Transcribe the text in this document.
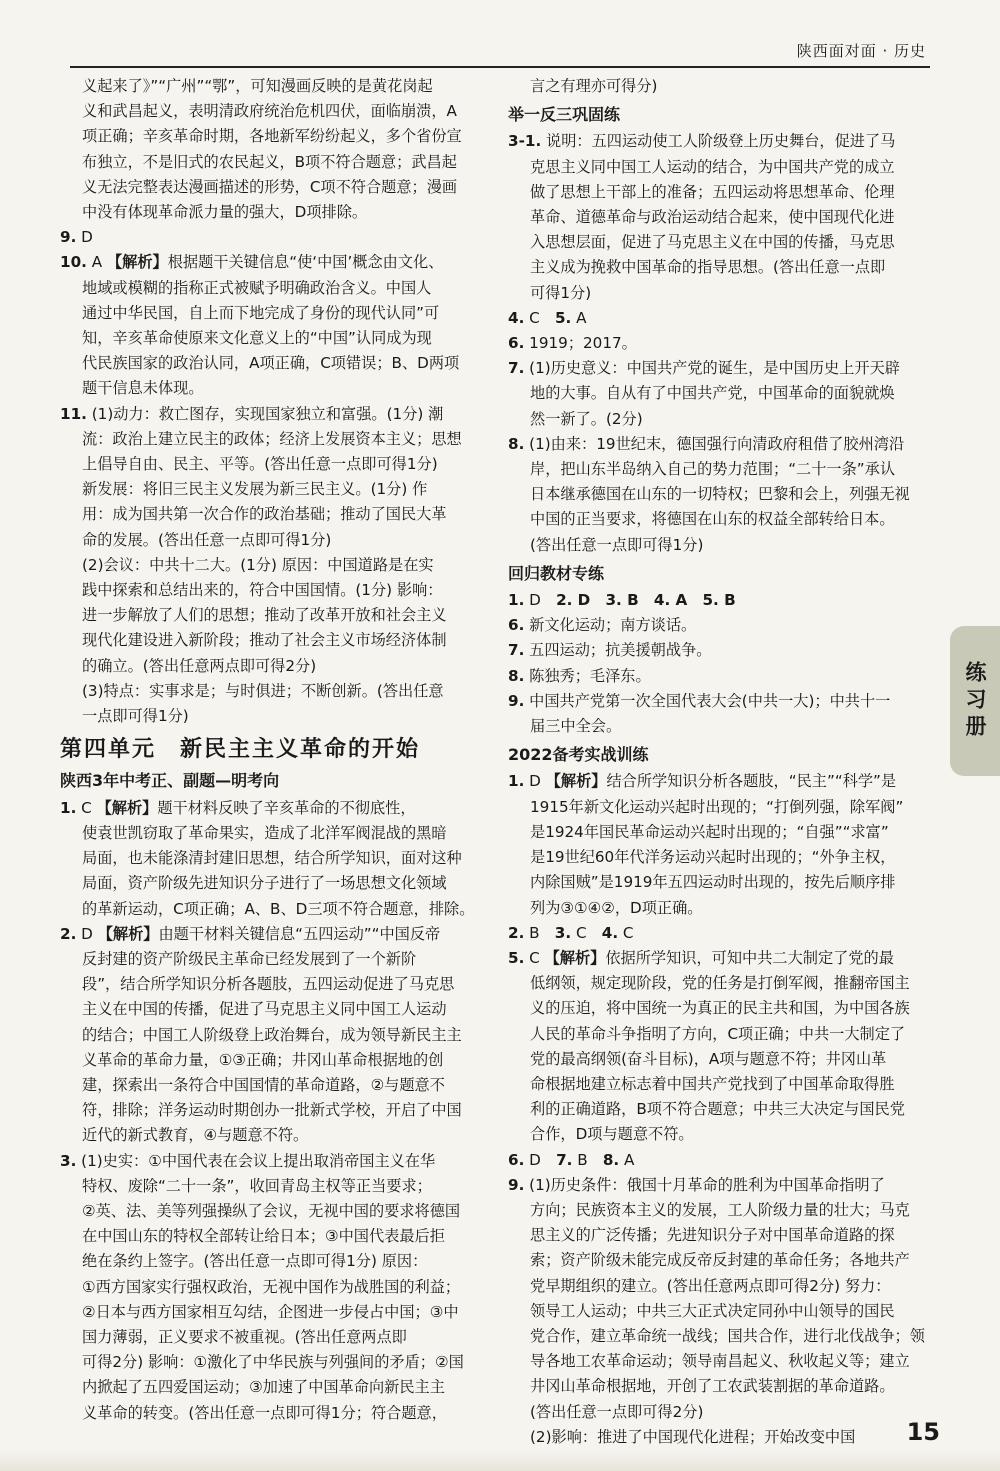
陕西面对面 · 历史
义起来了》”“广州”“鄂”，可知漫画反映的是黄花岗起
义和武昌起义，表明清政府统治危机四伏，面临崩溃，A
项正确；辛亥革命时期，各地新军纷纷起义，多个省份宣
布独立，不是旧式的农民起义，B项不符合题意；武昌起
义无法完整表达漫画描述的形势，C项不符合题意；漫画
中没有体现革命派力量的强大，D项排除。
9. D
10. A 【解析】根据题干关键信息“使‘中国’概念由文化、
地域或模糊的指称正式被赋予明确政治含义。中国人
通过中华民国，自上而下地完成了身份的现代认同”可
知，辛亥革命使原来文化意义上的“中国”认同成为现
代民族国家的政治认同，A项正确，C项错误；B、D两项
题干信息未体现。
11. (1)动力：救亡图存，实现国家独立和富强。(1分) 潮
流：政治上建立民主的政体；经济上发展资本主义；思想
上倡导自由、民主、平等。(答出任意一点即可得1分)
新发展：将旧三民主义发展为新三民主义。(1分) 作
用：成为国共第一次合作的政治基础；推动了国民大革
命的发展。(答出任意一点即可得1分)
(2)会议：中共十二大。(1分) 原因：中国道路是在实
践中探索和总结出来的，符合中国国情。(1分) 影响：
进一步解放了人们的思想；推动了改革开放和社会主义
现代化建设进入新阶段；推动了社会主义市场经济体制
的确立。(答出任意两点即可得2分)
(3)特点：实事求是；与时俱进；不断创新。(答出任意
一点即可得1分)
第四单元　新民主主义革命的开始
陕西3年中考正、副题—明考向
1. C 【解析】题干材料反映了辛亥革命的不彻底性，
使袁世凯窃取了革命果实，造成了北洋军阀混战的黑暗
局面，也未能涤清封建旧思想，结合所学知识，面对这种
局面，资产阶级先进知识分子进行了一场思想文化领域
的革新运动，C项正确；A、B、D三项不符合题意，排除。
2. D 【解析】由题干材料关键信息“五四运动”“中国反帝
反封建的资产阶级民主革命已经发展到了一个新阶
段”，结合所学知识分析各题肢，五四运动促进了马克思
主义在中国的传播，促进了马克思主义同中国工人运动
的结合；中国工人阶级登上政治舞台，成为领导新民主主
义革命的革命力量，①③正确；井冈山革命根据地的创
建，探索出一条符合中国国情的革命道路，②与题意不
符，排除；洋务运动时期创办一批新式学校，开启了中国
近代的新式教育，④与题意不符。
3. (1)史实：①中国代表在会议上提出取消帝国主义在华
特权、废除“二十一条”，收回青岛主权等正当要求；
②英、法、美等列强操纵了会议，无视中国的要求将德国
在中国山东的特权全部转让给日本；③中国代表最后拒
绝在条约上签字。(答出任意一点即可得1分) 原因：
①西方国家实行强权政治，无视中国作为战胜国的利益；
②日本与西方国家相互勾结，企图进一步侵占中国；③中
国力薄弱，正义要求不被重视。(答出任意两点即
可得2分) 影响：①激化了中华民族与列强间的矛盾；②国
内掀起了五四爱国运动；③加速了中国革命向新民主主
义革命的转变。(答出任意一点即可得1分；符合题意，
言之有理亦可得分)
举一反三巩固练
3-1. 说明：五四运动使工人阶级登上历史舞台，促进了马
克思主义同中国工人运动的结合，为中国共产党的成立
做了思想上干部上的准备；五四运动将思想革命、伦理
革命、道德革命与政治运动结合起来，使中国现代化进
入思想层面，促进了马克思主义在中国的传播，马克思
主义成为挽救中国革命的指导思想。(答出任意一点即
可得1分)
4. C　 5. A
6. 1919；2017。
7. (1)历史意义：中国共产党的诞生，是中国历史上开天辟
地的大事。自从有了中国共产党，中国革命的面貌就焕
然一新了。(2分)
8. (1)由来：19世纪末，德国强行向清政府租借了胶州湾沿
岸，把山东半岛纳入自己的势力范围；“二十一条”承认
日本继承德国在山东的一切特权；巴黎和会上，列强无视
中国的正当要求，将德国在山东的权益全部转给日本。
(答出任意一点即可得1分)
回归教材专练
1. D　 2. D　 3. B　 4. A　 5. B
6. 新文化运动；南方谈话。
7. 五四运动；抗美援朝战争。
8. 陈独秀；毛泽东。
9. 中国共产党第一次全国代表大会(中共一大)；中共十一
届三中全会。
2022备考实战训练
1. D 【解析】结合所学知识分析各题肢，“民主”“科学”是
1915年新文化运动兴起时出现的；“打倒列强，除军阀”
是1924年国民革命运动兴起时出现的；“自强”“求富”
是19世纪60年代洋务运动兴起时出现的；“外争主权，
内除国贼”是1919年五四运动时出现的，按先后顺序排
列为③①④②，D项正确。
2. B　 3. C　 4. C
5. C 【解析】依据所学知识，可知中共二大制定了党的最
低纲领，规定现阶段，党的任务是打倒军阀，推翻帝国主
义的压迫，将中国统一为真正的民主共和国，为中国各族
人民的革命斗争指明了方向，C项正确；中共一大制定了
党的最高纲领(奋斗目标)，A项与题意不符；井冈山革
命根据地建立标志着中国共产党找到了中国革命取得胜
利的正确道路，B项不符合题意；中共三大决定与国民党
合作，D项与题意不符。
6. D　 7. B　 8. A
9. (1)历史条件：俄国十月革命的胜利为中国革命指明了
方向；民族资本主义的发展，工人阶级力量的壮大；马克
思主义的广泛传播；先进知识分子对中国革命道路的探
索；资产阶级未能完成反帝反封建的革命任务；各地共产
党早期组织的建立。(答出任意两点即可得2分) 努力：
领导工人运动；中共三大正式决定同孙中山领导的国民
党合作，建立革命统一战线；国共合作，进行北伐战争；领
导各地工农革命运动；领导南昌起义、秋收起义等；建立
井冈山革命根据地，开创了工农武装割据的革命道路。
(答出任意一点即可得2分)
(2)影响：推进了中国现代化进程；开始改变中国
练习册
15
